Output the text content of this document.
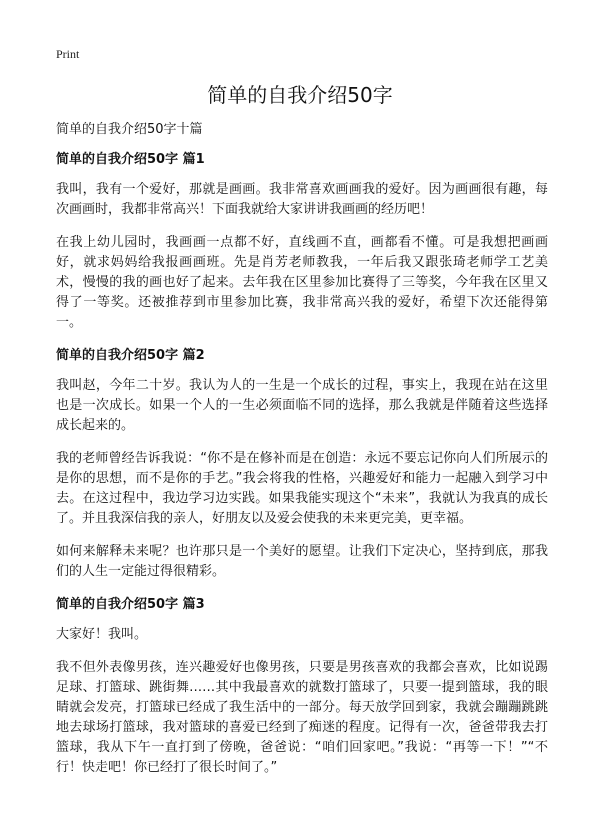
Print
简单的自我介绍50字

简单的自我介绍50字十篇

简单的自我介绍50字 篇1

我叫，我有一个爱好，那就是画画。我非常喜欢画画我的爱好。因为画画很有趣，每次画画时，我都非常高兴！下面我就给大家讲讲我画画的经历吧！

在我上幼儿园时，我画画一点都不好，直线画不直，画都看不懂。可是我想把画画好，就求妈妈给我报画画班。先是肖芳老师教我，一年后我又跟张琦老师学工艺美术，慢慢的我的画也好了起来。去年我在区里参加比赛得了三等奖，今年我在区里又得了一等奖。还被推荐到市里参加比赛，我非常高兴我的爱好，希望下次还能得第一。

简单的自我介绍50字 篇2

我叫赵，今年二十岁。我认为人的一生是一个成长的过程，事实上，我现在站在这里也是一次成长。如果一个人的一生必须面临不同的选择，那么我就是伴随着这些选择成长起来的。

我的老师曾经告诉我说：“你不是在修补而是在创造：永远不要忘记你向人们所展示的是你的思想，而不是你的手艺。”我会将我的性格，兴趣爱好和能力一起融入到学习中去。在这过程中，我边学习边实践。如果我能实现这个“未来”，我就认为我真的成长了。并且我深信我的亲人，好朋友以及爱会使我的未来更完美，更幸福。

如何来解释未来呢？也许那只是一个美好的愿望。让我们下定决心，坚持到底，那我们的人生一定能过得很精彩。

简单的自我介绍50字 篇3

大家好！我叫。

我不但外表像男孩，连兴趣爱好也像男孩，只要是男孩喜欢的我都会喜欢，比如说踢足球、打篮球、跳街舞……其中我最喜欢的就数打篮球了，只要一提到篮球，我的眼睛就会发亮，打篮球已经成了我生活中的一部分。每天放学回到家，我就会蹦蹦跳跳地去球场打篮球，我对篮球的喜爱已经到了痴迷的程度。记得有一次，爸爸带我去打篮球，我从下午一直打到了傍晚，爸爸说：“咱们回家吧。”我说：“再等一下！”“不行！快走吧！你已经打了很长时间了。”
